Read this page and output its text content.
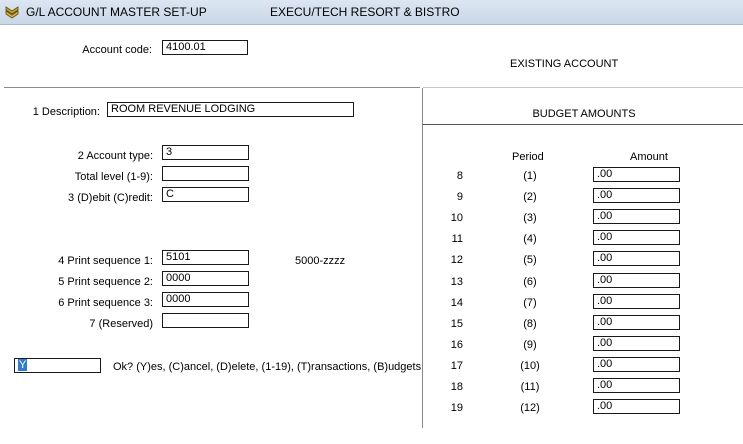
G/L ACCOUNT MASTER SET-UP	EXECU/TECH RESORT & BISTRO
Account code:	4100.01
EXISTING ACCOUNT
1 Description:	ROOM REVENUE LODGING
2 Account type:	3
Total level (1-9):
3 (D)ebit (C)redit:	C
4 Print sequence 1:	5101	5000-zzzz
5 Print sequence 2:	0000
6 Print sequence 3:	0000
7 (Reserved)
Y	Ok? (Y)es, (C)ancel, (D)elete, (1-19), (T)ransactions, (B)udgets
BUDGET AMOUNTS
Period	Amount
8	(1)	.00
9	(2)	.00
10	(3)	.00
11	(4)	.00
12	(5)	.00
13	(6)	.00
14	(7)	.00
15	(8)	.00
16	(9)	.00
17	(10)	.00
18	(11)	.00
19	(12)	.00
